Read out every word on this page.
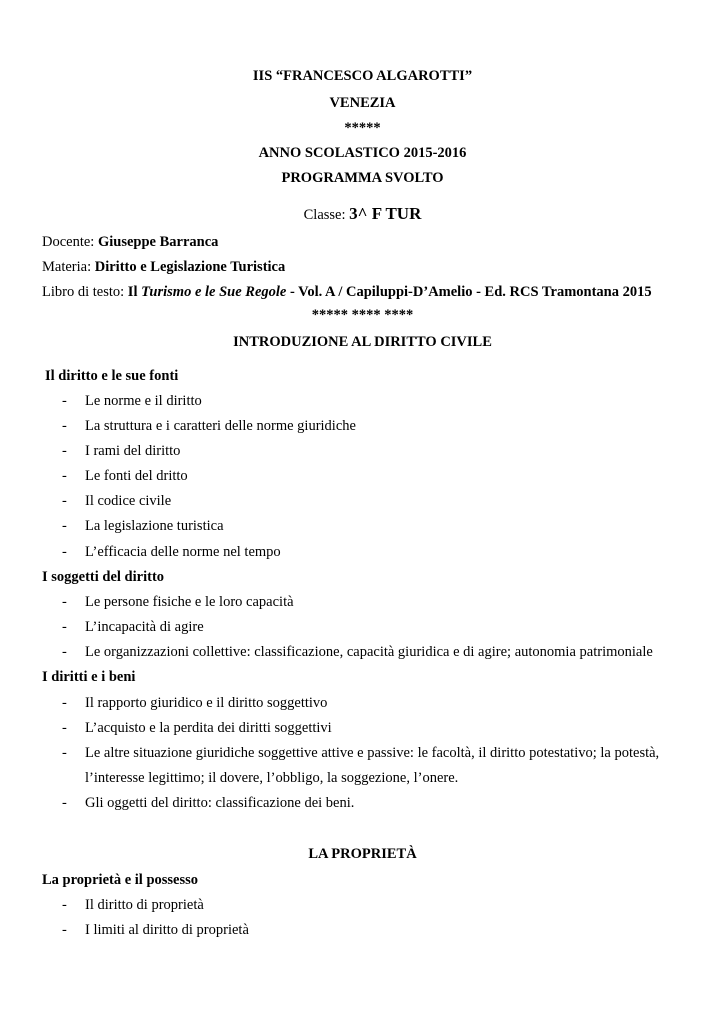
IIS “FRANCESCO ALGAROTTI”
VENEZIA
*****
ANNO SCOLASTICO 2015-2016
PROGRAMMA SVOLTO
Classe: 3^ F TUR
Docente: Giuseppe Barranca
Materia: Diritto e Legislazione Turistica
Libro di testo: Il Turismo e le Sue Regole - Vol. A / Capiluppi-D’Amelio - Ed. RCS Tramontana 2015
***** **** ****
INTRODUZIONE AL DIRITTO CIVILE
Il diritto e le sue fonti
- Le norme e il diritto
- La struttura e i caratteri delle norme giuridiche
- I rami del diritto
- Le fonti del dritto
- Il codice civile
- La legislazione turistica
- L’efficacia delle norme nel tempo
I soggetti del diritto
- Le persone fisiche e le loro capacità
- L’incapacità di agire
- Le organizzazioni collettive: classificazione, capacità giuridica e di agire; autonomia patrimoniale
I diritti e i beni
- Il rapporto giuridico e il diritto soggettivo
- L’acquisto e la perdita dei diritti soggettivi
- Le altre situazione giuridiche soggettive attive e passive: le facoltà, il diritto potestativo; la potestà,
l’interesse legittimo; il dovere, l’obbligo, la soggezione, l’onere.
- Gli oggetti del diritto: classificazione dei beni.
LA PROPRIETÀ
La proprietà e il possesso
- Il diritto di proprietà
- I limiti al diritto di proprietà
